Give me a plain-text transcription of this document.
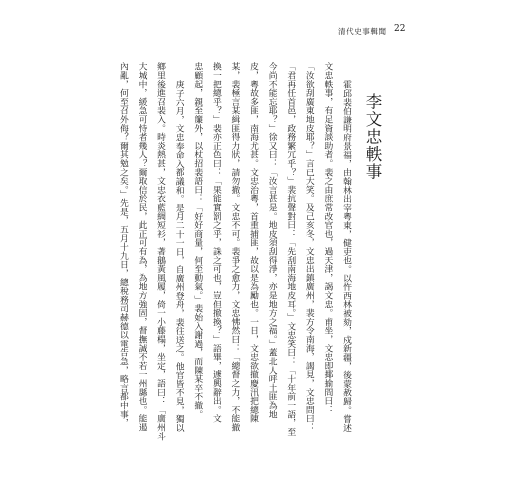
清代史事輯聞 22
李文忠軼事
霍邱裴伯謙明府景福，由翰林出宰粵東，健吏也。以忤西林被劾，戍新疆，後蒙赦歸。嘗述
文忠軼事，有足資談助者。裴之由庶常改官也，過天津，謁文忠。甫坐，文忠即揶揄問曰：
「汝欲刮廣東地皮耶？」言已大笑。及己亥冬，文忠出鎮廣州，裴方令南海，謁見，文忠問曰：
「君再任首邑，政務繁冗乎？」裴抗聲對曰：「先刮南海地皮耳。」文忠笑曰：「十年前一語，至
今尚不能忘耶？」徐又曰：「汝言甚是。地皮須刮得淨，亦是地方之福。」蓋北人呼土匪為地
皮，粵故多匪，南海尤甚。文忠治粵，首重捕匪，故以是為勵也。一日，文忠欲撤慶汛把總陳
某，裴極言某緝匪得力狀，請勿撤。文忠不可。裴爭之愈力，文忠怫然曰：「總督之力，不能撤
換一把總乎？」裴亦正色曰：「果能實罰之乎，誅之可也，豈但撤換？」語畢，遽興辭出。文
忠顧起，親至簾外，以杖招裴語曰：「好好商量，何至動氣。」裴始入謝過，而陳某卒不撤。
庚子六月，文忠奉命入都議和。是月二十一日，自廣州登舟，裴往送之。他官皆不見，獨以
鄉里後進召裴入。時炎熱甚，文忠衣藍綢短衫，著鵝黃風履，倚一小藤榻，坐定，語曰：「廣州斗
大城中，緩急可恃者幾人？爾取信於民，此正可有為，為地方強固，督撫誠不若一州縣也。能遏
內亂，何至召外侮？爾其勉之矣。」先是，五月十九日，總稅務司赫德以電告急，略言都中事，
